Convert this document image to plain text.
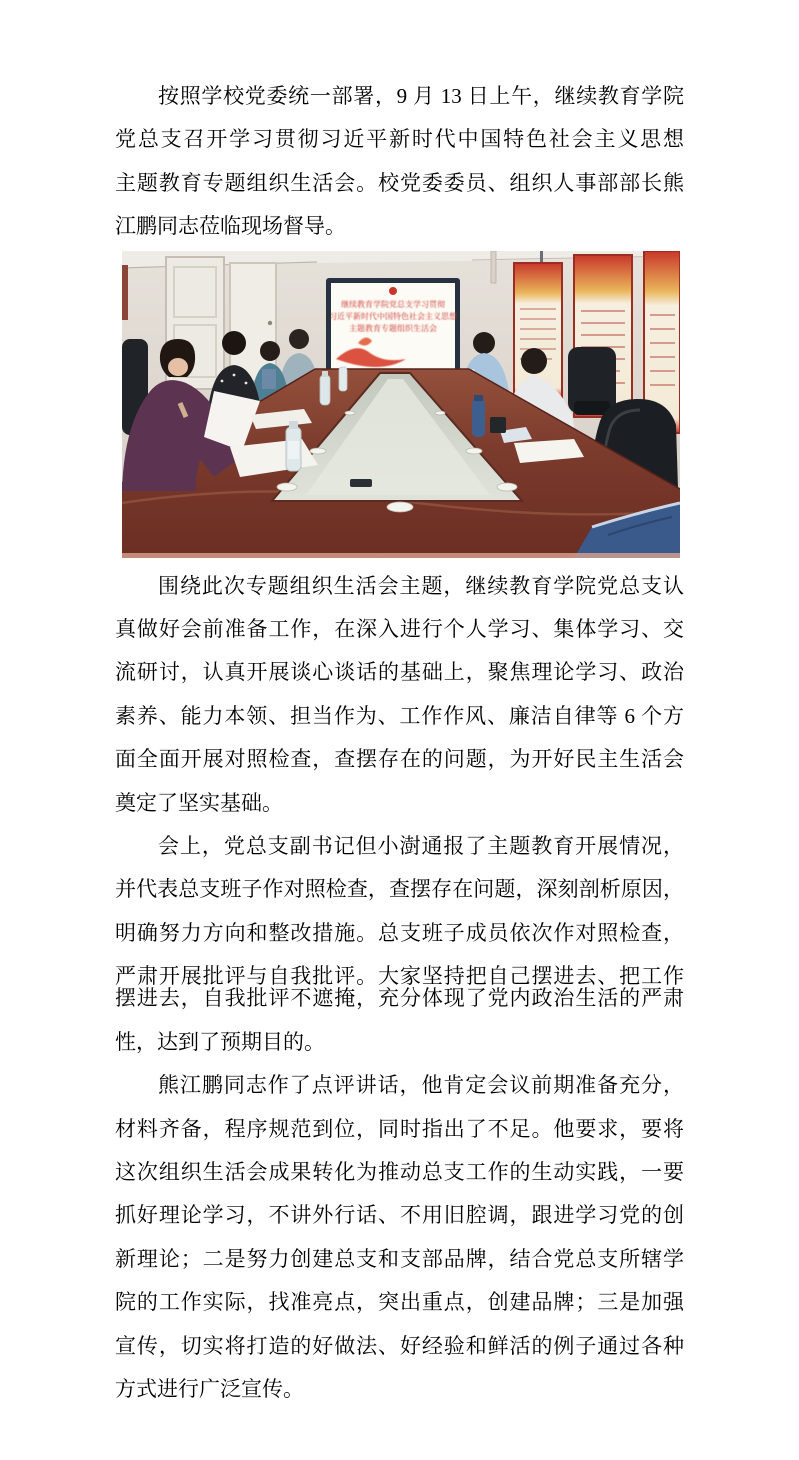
按照学校党委统一部署，9 月 13 日上午，继续教育学院
党总支召开学习贯彻习近平新时代中国特色社会主义思想
主题教育专题组织生活会。校党委委员、组织人事部部长熊
江鹏同志莅临现场督导。
继续教育学院党总支学习贯彻
习近平新时代中国特色社会主义思想
主题教育专题组织生活会
围绕此次专题组织生活会主题，继续教育学院党总支认
真做好会前准备工作，在深入进行个人学习、集体学习、交
流研讨，认真开展谈心谈话的基础上，聚焦理论学习、政治
素养、能力本领、担当作为、工作作风、廉洁自律等 6 个方
面全面开展对照检查，查摆存在的问题，为开好民主生活会
奠定了坚实基础。
会上，党总支副书记但小澍通报了主题教育开展情况，
并代表总支班子作对照检查，查摆存在问题，深刻剖析原因，
明确努力方向和整改措施。总支班子成员依次作对照检查，
严肃开展批评与自我批评。大家坚持把自己摆进去、把工作
摆进去，自我批评不遮掩，充分体现了党内政治生活的严肃
性，达到了预期目的。
熊江鹏同志作了点评讲话，他肯定会议前期准备充分，
材料齐备，程序规范到位，同时指出了不足。他要求，要将
这次组织生活会成果转化为推动总支工作的生动实践，一要
抓好理论学习，不讲外行话、不用旧腔调，跟进学习党的创
新理论；二是努力创建总支和支部品牌，结合党总支所辖学
院的工作实际，找准亮点，突出重点，创建品牌；三是加强
宣传，切实将打造的好做法、好经验和鲜活的例子通过各种
方式进行广泛宣传。
